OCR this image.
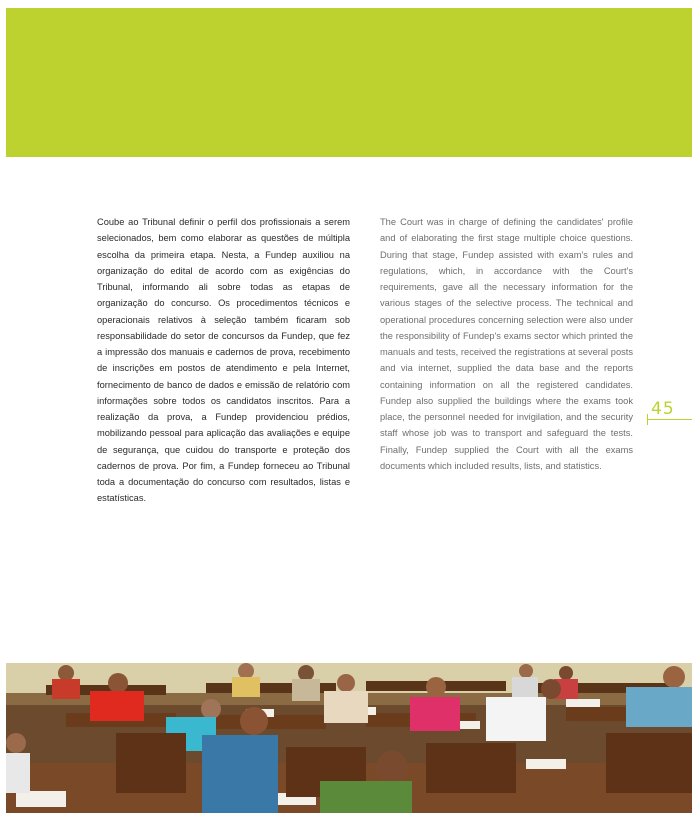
Coube ao Tribunal definir o perfil dos profissionais a serem selecionados, bem como elaborar as questões de múltipla escolha da primeira etapa. Nesta, a Fundep auxiliou na organização do edital de acordo com as exigências do Tribunal, informando ali sobre todas as etapas de organização do concurso. Os procedimentos técnicos e operacionais relativos à seleção também ficaram sob responsabilidade do setor de concursos da Fundep, que fez a impressão dos manuais e cadernos de prova, recebimento de inscrições em postos de atendimento e pela Internet, fornecimento de banco de dados e emissão de relatório com informações sobre todos os candidatos inscritos. Para a realização da prova, a Fundep providenciou prédios, mobilizando pessoal para aplicação das avaliações e equipe de segurança, que cuidou do transporte e proteção dos cadernos de prova. Por fim, a Fundep forneceu ao Tribunal toda a documentação do concurso com resultados, listas e estatísticas.
The Court was in charge of defining the candidates' profile and of elaborating the first stage multiple choice questions. During that stage, Fundep assisted with exam's rules and regulations, which, in accordance with the Court's requirements, gave all the necessary information for the various stages of the selective process. The technical and operational procedures concerning selection were also under the responsibility of Fundep's exams sector which printed the manuals and tests, received the registrations at several posts and via internet, supplied the data base and the reports containing information on all the registered candidates. Fundep also supplied the buildings where the exams took place, the personnel needed for invigilation, and the security staff whose job was to transport and safeguard the tests. Finally, Fundep supplied the Court with all the exams documents which included results, lists, and statistics.
45
